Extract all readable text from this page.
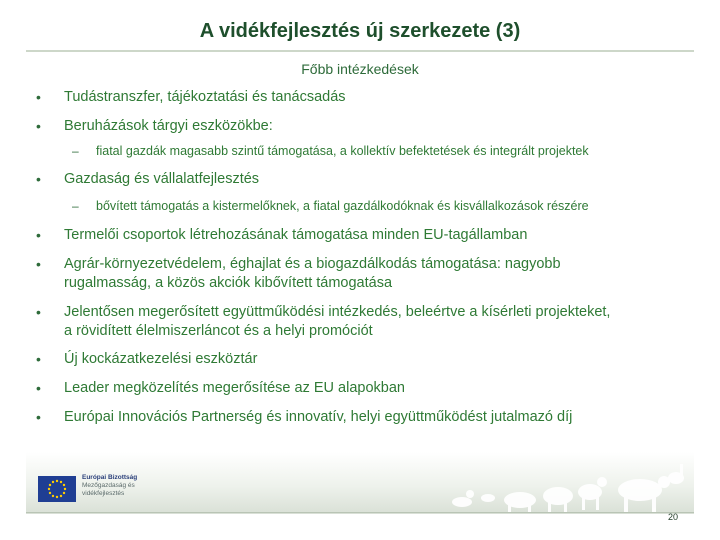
A vidékfejlesztés új szerkezete (3)
Főbb intézkedések
• Tudástranszfer, tájékoztatási és tanácsadás
• Beruházások tárgyi eszközökbe:
– fiatal gazdák magasabb szintű támogatása, a kollektív befektetések és integrált projektek
• Gazdaság és vállalatfejlesztés
– bővített támogatás a kistermelőknek, a fiatal gazdálkodóknak és kisvállalkozások részére
• Termelői csoportok létrehozásának támogatása minden EU-tagállamban
• Agrár-környezetvédelem, éghajlat és a biogazdálkodás támogatása: nagyobb
rugalmasság, a közös akciók kibővített támogatása
• Jelentősen megerősített együttműködési intézkedés, beleértve a kísérleti projekteket,
a rövidített élelmiszerláncot és a helyi promóciót
• Új kockázatkezelési eszköztár
• Leader megközelítés megerősítése az EU alapokban
• Európai Innovációs Partnerség és innovatív, helyi együttműködést jutalmazó díj
Európai Bizottság
Mezőgazdaság és
vidékfejlesztés
20
